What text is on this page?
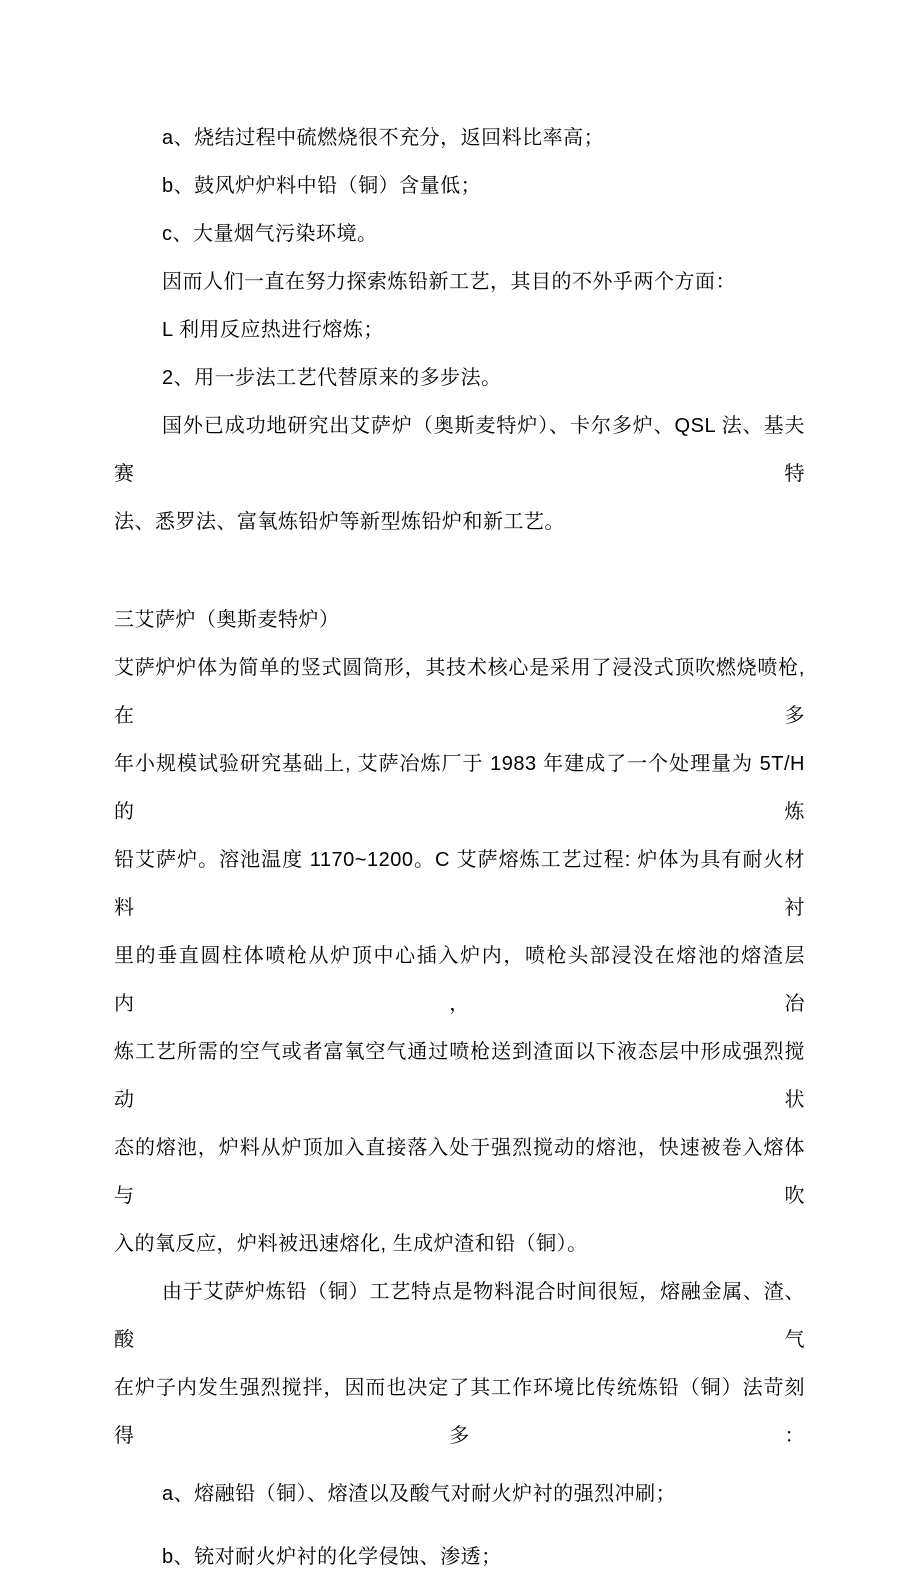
a、烧结过程中硫燃烧很不充分，返回料比率高；

b、鼓风炉炉料中铅（铜）含量低；

c、大量烟气污染环境。

因而人们一直在努力探索炼铅新工艺，其目的不外乎两个方面：

L 利用反应热进行熔炼；

2、用一步法工艺代替原来的多步法。

国外已成功地研究出艾萨炉（奥斯麦特炉）、卡尔多炉、QSL 法、基夫赛特
法、悉罗法、富氧炼铅炉等新型炼铅炉和新工艺。

三艾萨炉（奥斯麦特炉）

艾萨炉炉体为简单的竖式圆筒形，其技术核心是采用了浸没式顶吹燃烧喷枪, 在多
年小规模试验研究基础上, 艾萨冶炼厂于 1983 年建成了一个处理量为 5T/H 的炼
铅艾萨炉。溶池温度 1170~1200。C 艾萨熔炼工艺过程: 炉体为具有耐火材料衬
里的垂直圆柱体喷枪从炉顶中心插入炉内，喷枪头部浸没在熔池的熔渣层内，冶
炼工艺所需的空气或者富氧空气通过喷枪送到渣面以下液态层中形成强烈搅动状
态的熔池，炉料从炉顶加入直接落入处于强烈搅动的熔池，快速被卷入熔体与吹
入的氧反应，炉料被迅速熔化, 生成炉渣和铅（铜）。

由于艾萨炉炼铅（铜）工艺特点是物料混合时间很短，熔融金属、渣、酸气
在炉子内发生强烈搅拌，因而也决定了其工作环境比传统炼铅（铜）法苛刻得多：

a、熔融铅（铜）、熔渣以及酸气对耐火炉衬的强烈冲刷；

b、铳对耐火炉衬的化学侵蚀、渗透；
